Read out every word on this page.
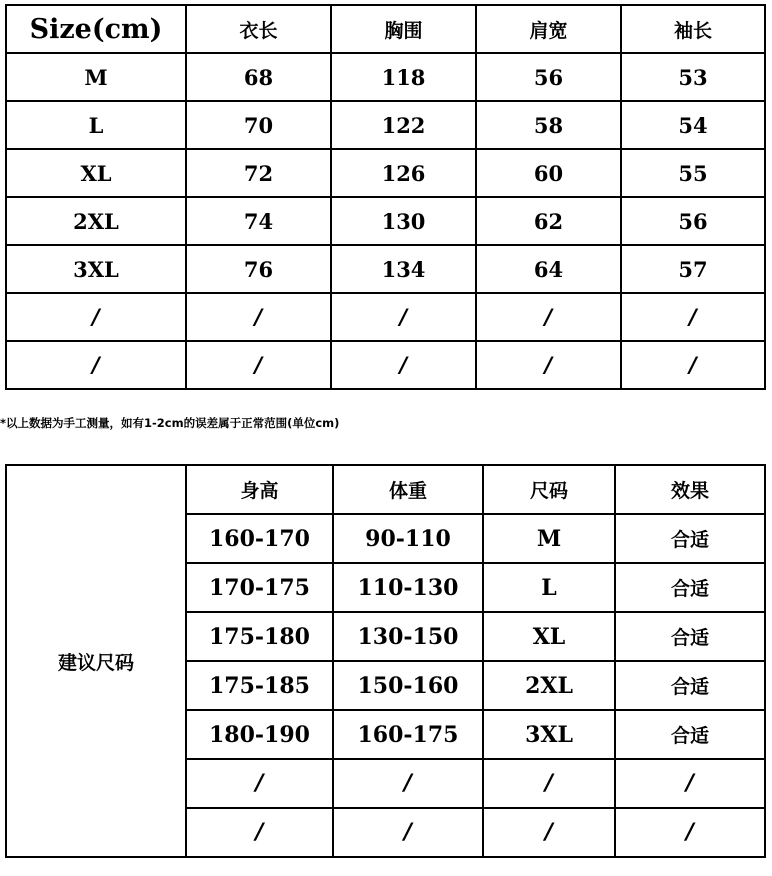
Size(cm)	衣长	胸围	肩宽	袖长
M	68	118	56	53
L	70	122	58	54
XL	72	126	60	55
2XL	74	130	62	56
3XL	76	134	64	57
/	/	/	/	/
/	/	/	/	/
*以上数据为手工测量，如有1-2cm的误差属于正常范围(单位cm)
建议尺码	身高	体重	尺码	效果
	160-170	90-110	M	合适
	170-175	110-130	L	合适
	175-180	130-150	XL	合适
	175-185	150-160	2XL	合适
	180-190	160-175	3XL	合适
	/	/	/	/
	/	/	/	/
